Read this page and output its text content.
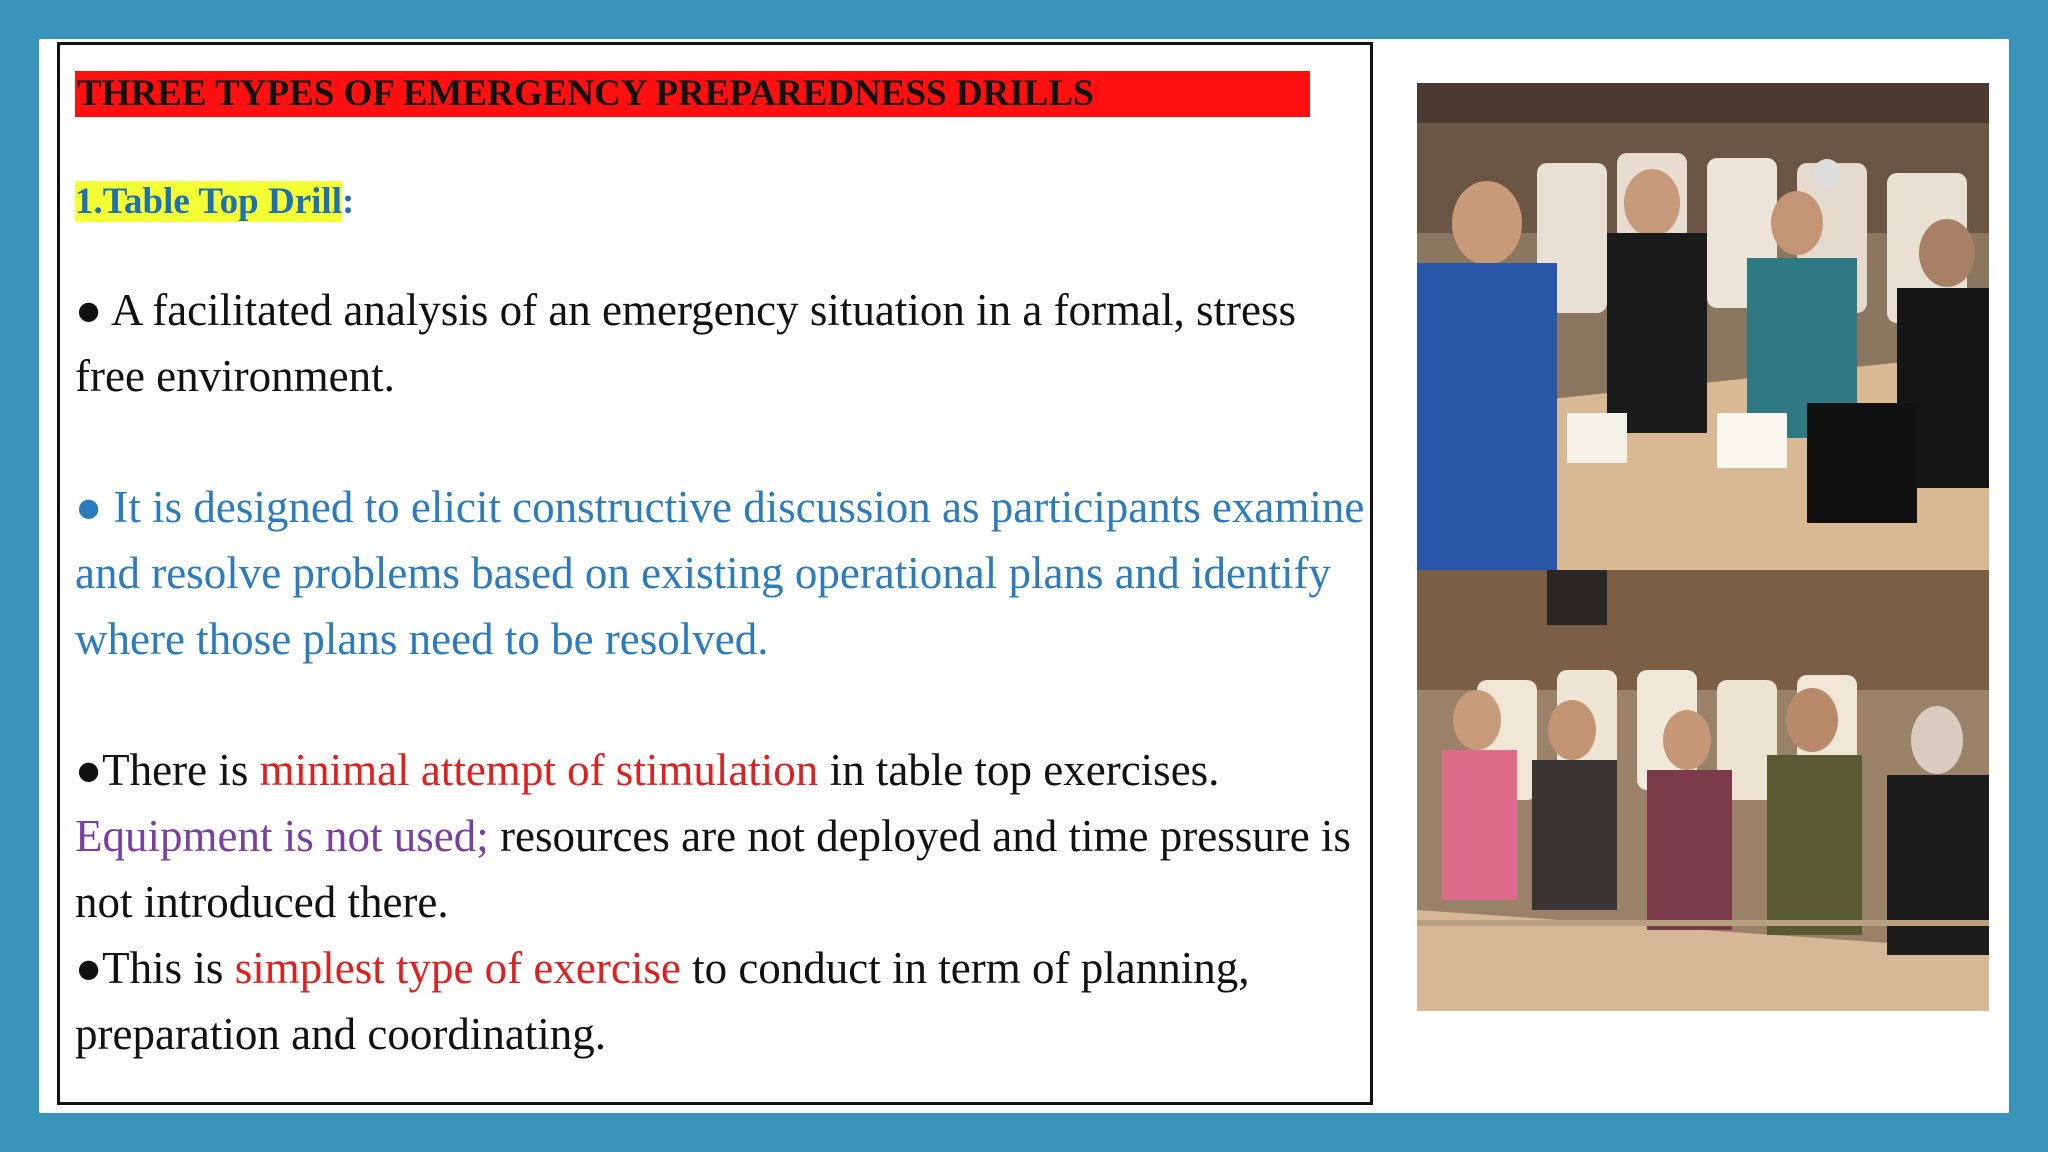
THREE TYPES OF EMERGENCY PREPAREDNESS DRILLS
1.Table Top Drill:
● A facilitated analysis of an emergency situation in a formal, stress free environment.
● It is designed to elicit constructive discussion as participants examine and resolve problems based on existing operational plans and identify where those plans need to be resolved.
●There is minimal attempt of stimulation in table top exercises. Equipment is not used; resources are not deployed and time pressure is not introduced there.
●This is simplest type of exercise to conduct in term of planning, preparation and coordinating.
